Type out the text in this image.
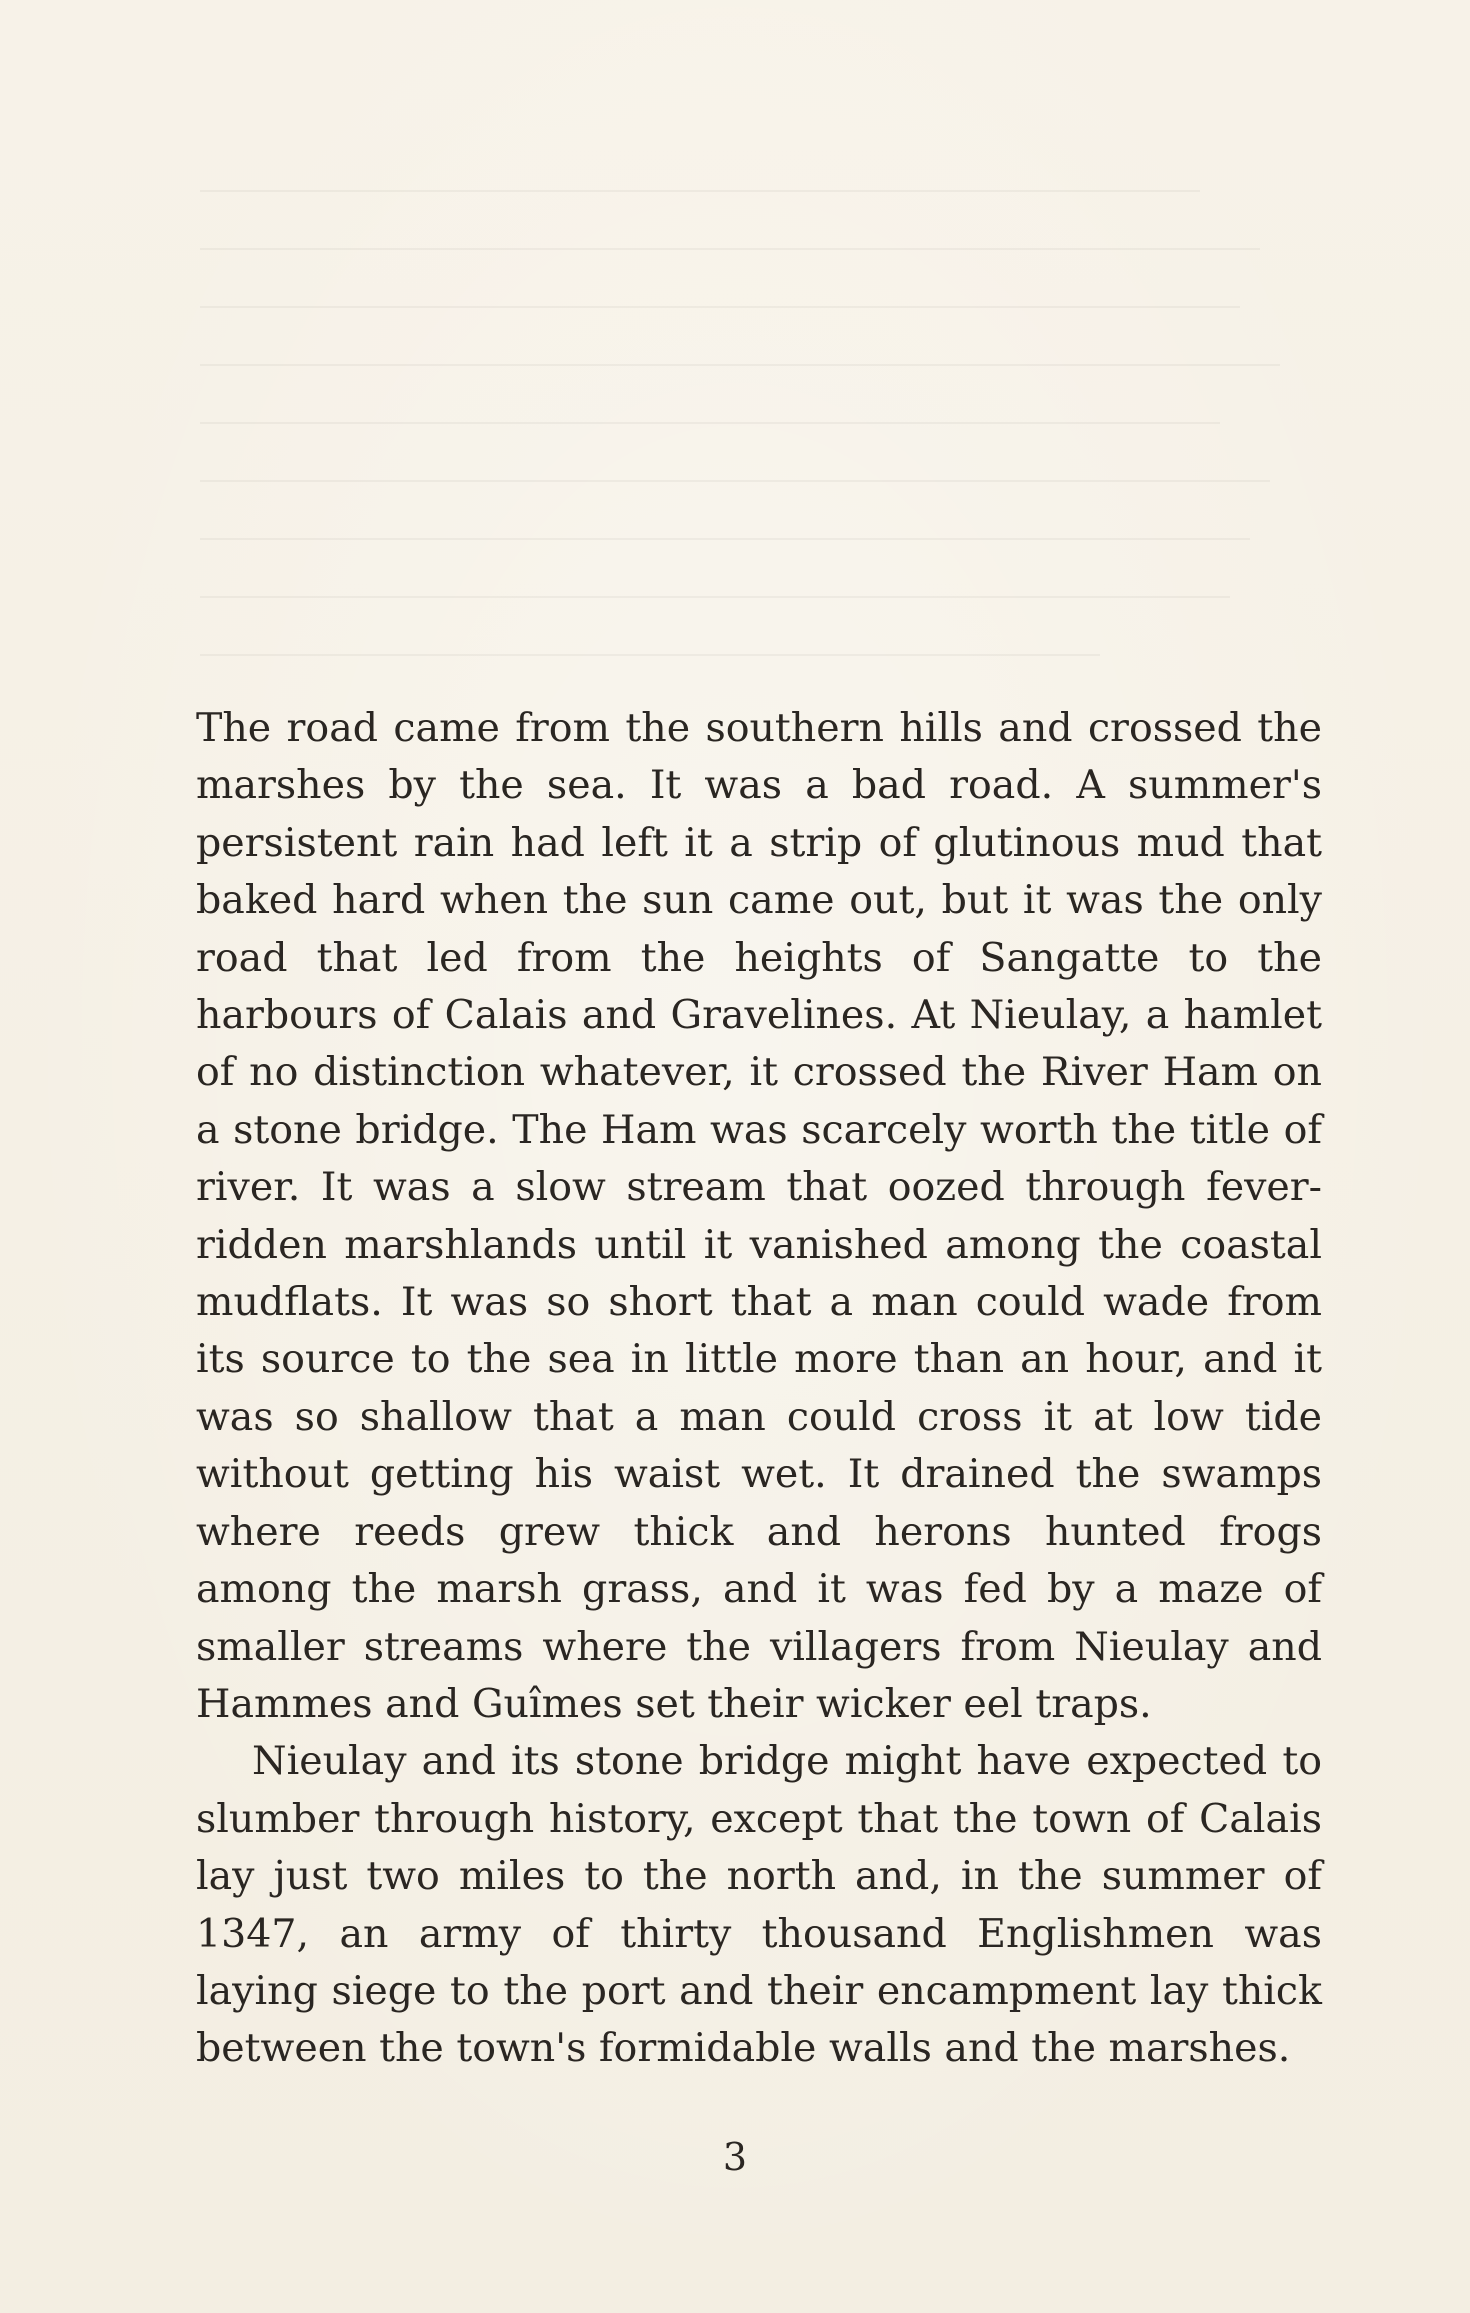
The road came from the southern hills and crossed the marshes by the sea. It was a bad road. A summer's persistent rain had left it a strip of glutinous mud that baked hard when the sun came out, but it was the only road that led from the heights of Sangatte to the harbours of Calais and Gravelines. At Nieulay, a hamlet of no distinction whatever, it crossed the River Ham on a stone bridge. The Ham was scarcely worth the title of river. It was a slow stream that oozed through fever-ridden marshlands until it vanished among the coastal mudflats. It was so short that a man could wade from its source to the sea in little more than an hour, and it was so shallow that a man could cross it at low tide without getting his waist wet. It drained the swamps where reeds grew thick and herons hunted frogs among the marsh grass, and it was fed by a maze of smaller streams where the villagers from Nieulay and Hammes and Guîmes set their wicker eel traps.

Nieulay and its stone bridge might have expected to slumber through history, except that the town of Calais lay just two miles to the north and, in the summer of 1347, an army of thirty thousand Englishmen was laying siege to the port and their encampment lay thick between the town's formidable walls and the marshes.

3
